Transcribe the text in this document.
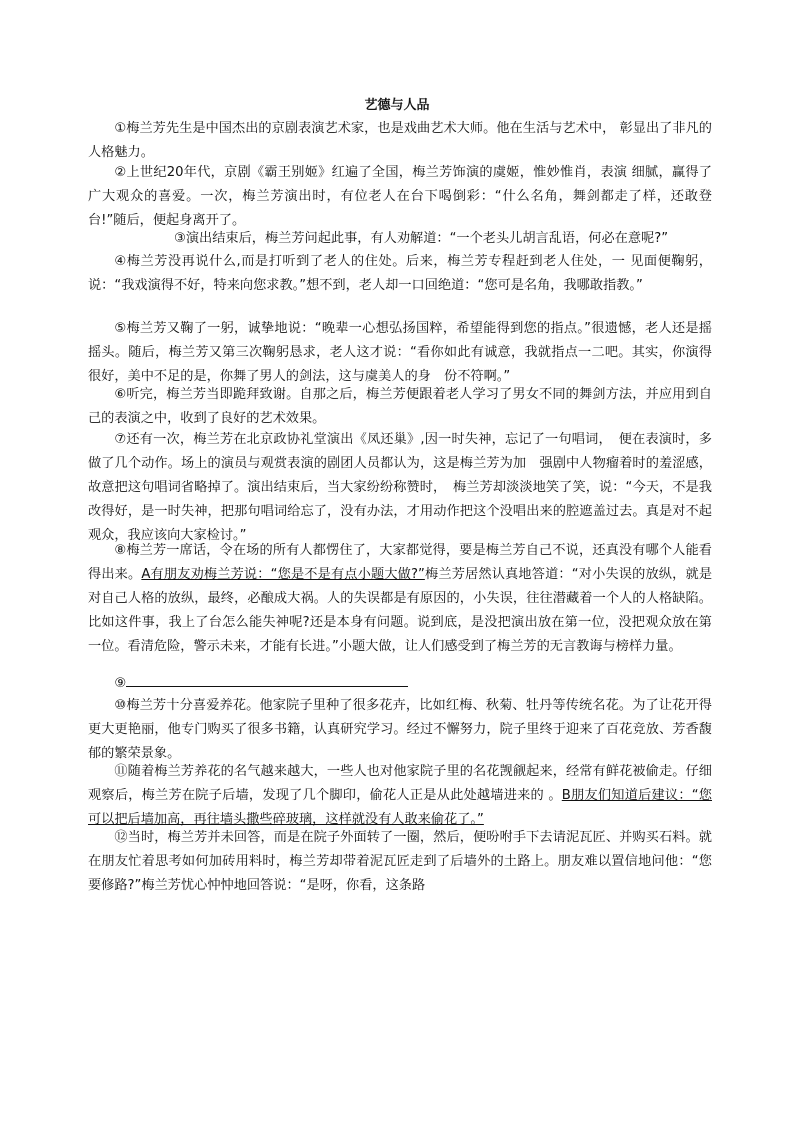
艺德与人品

①梅兰芳先生是中国杰出的京剧表演艺术家，也是戏曲艺术大师。他在生活与艺术中， 彰显出了非凡的人格魅力。

②上世纪20年代，京剧《霸王别姬》红遍了全国，梅兰芳饰演的虞姬，惟妙惟肖，表演 细腻，赢得了广大观众的喜爱。一次，梅兰芳演出时，有位老人在台下喝倒彩：“什么名角，舞剑都走了样，还敢登台!”随后，便起身离开了。

③演出结束后，梅兰芳问起此事，有人劝解道：“一个老头儿胡言乱语，何必在意呢?”

④梅兰芳没再说什么,而是打听到了老人的住处。后来，梅兰芳专程赶到老人住处，一 见面便鞠躬，说：“我戏演得不好，特来向您求教。”想不到，老人却一口回绝道：“您可是名角，我哪敢指教。”

⑤梅兰芳又鞠了一躬，诚挚地说：“晚辈一心想弘扬国粹，希望能得到您的指点。”很遗憾，老人还是摇摇头。随后，梅兰芳又第三次鞠躬恳求，老人这才说：“看你如此有诚意，我就指点一二吧。其实，你演得很好，美中不足的是，你舞了男人的剑法，这与虞美人的身　份不符啊。”

⑥听完，梅兰芳当即跪拜致谢。自那之后，梅兰芳便跟着老人学习了男女不同的舞剑方法，并应用到自己的表演之中，收到了良好的艺术效果。

⑦还有一次，梅兰芳在北京政协礼堂演出《凤还巢》,因一时失神，忘记了一句唱词，　便在表演时，多做了几个动作。场上的演员与观赏表演的剧团人员都认为，这是梅兰芳为加　强剧中人物瘤着时的羞涩感，故意把这句唱词省略掉了。演出结束后，当大家纷纷称赞时，　梅兰芳却淡淡地笑了笑，说：“今天，不是我改得好，是一时失神，把那句唱词给忘了，没有办法，才用动作把这个没唱出来的腔遮盖过去。真是对不起观众，我应该向大家检讨。”

⑧梅兰芳一席话，令在场的所有人都愣住了，大家都觉得，要是梅兰芳自己不说，还真没有哪个人能看得出来。A有朋友劝梅兰芳说：“您是不是有点小题大做?”梅兰芳居然认真地答道：“对小失误的放纵，就是对自己人格的放纵，最终，必酿成大祸。人的失误都是有原因的，小失误，往往潜藏着一个人的人格缺陷。比如这件事，我上了台怎么能失神呢?还是本身有问题。说到底，是没把演出放在第一位，没把观众放在第一位。看清危险，警示未来，才能有长进。”小题大做，让人们感受到了梅兰芳的无言教诲与榜样力量。

⑨

⑩梅兰芳十分喜爱养花。他家院子里种了很多花卉，比如红梅、秋菊、牡丹等传统名花。为了让花开得更大更艳丽，他专门购买了很多书籍，认真研究学习。经过不懈努力，院子里终于迎来了百花竞放、芳香馥郁的繁荣景象。

⑪随着梅兰芳养花的名气越来越大，一些人也对他家院子里的名花觊觎起来，经常有鲜花被偷走。仔细观察后，梅兰芳在院子后墙，发现了几个脚印，偷花人正是从此处越墙进来的 。B朋友们知道后建议：“您可以把后墙加高，再往墙头撒些碎玻璃，这样就没有人敢来偷花了。”

⑫当时，梅兰芳并未回答，而是在院子外面转了一圈，然后，便吩咐手下去请泥瓦匠、并购买石料。就在朋友忙着思考如何加砖用料时，梅兰芳却带着泥瓦匠走到了后墙外的土路上。朋友难以置信地问他：“您要修路?”梅兰芳忧心忡忡地回答说：“是呀，你看，这条路
